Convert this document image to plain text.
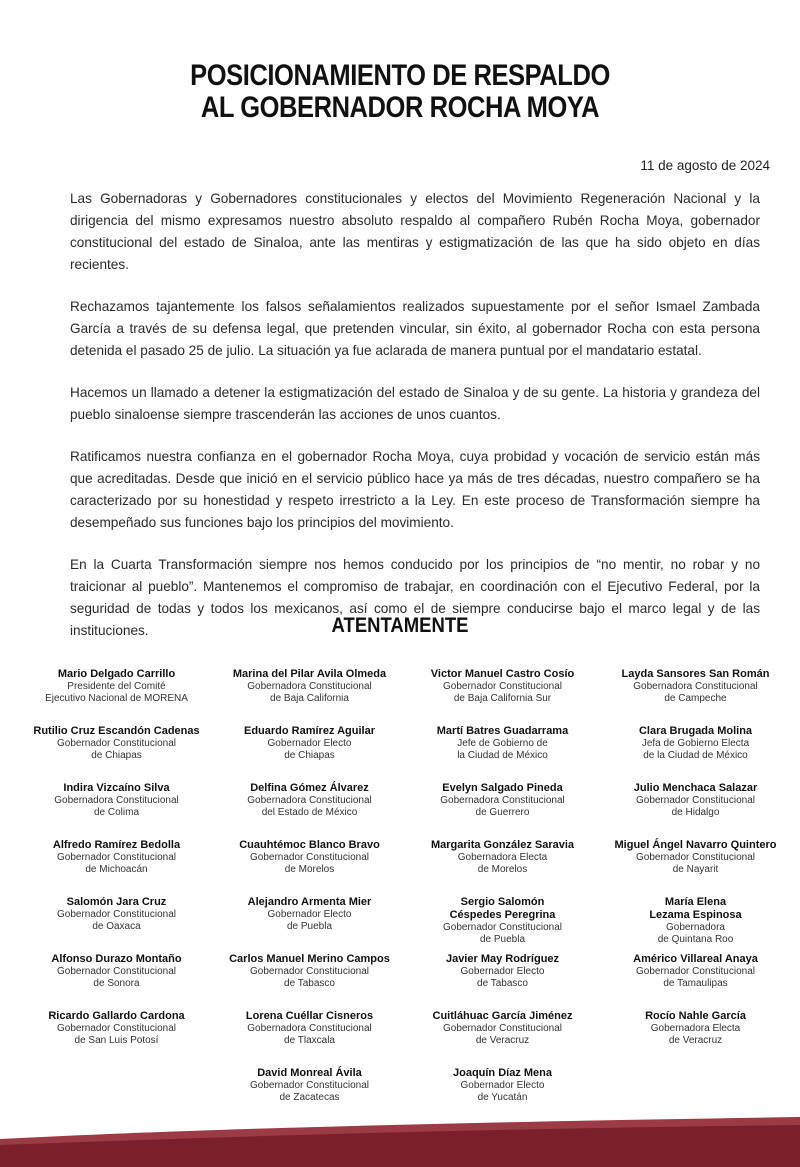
POSICIONAMIENTO DE RESPALDO
AL GOBERNADOR ROCHA MOYA
11 de agosto de 2024

Las Gobernadoras y Gobernadores constitucionales y electos del Movimiento Regeneración Nacional y la dirigencia del mismo expresamos nuestro absoluto respaldo al compañero Rubén Rocha Moya, gobernador constitucional del estado de Sinaloa, ante las mentiras y estigmatización de las que ha sido objeto en días recientes.

Rechazamos tajantemente los falsos señalamientos realizados supuestamente por el señor Ismael Zambada García a través de su defensa legal, que pretenden vincular, sin éxito, al gobernador Rocha con esta persona detenida el pasado 25 de julio. La situación ya fue aclarada de manera puntual por el mandatario estatal.

Hacemos un llamado a detener la estigmatización del estado de Sinaloa y de su gente. La historia y grandeza del pueblo sinaloense siempre trascenderán las acciones de unos cuantos.

Ratificamos nuestra confianza en el gobernador Rocha Moya, cuya probidad y vocación de servicio están más que acreditadas. Desde que inició en el servicio público hace ya más de tres décadas, nuestro compañero se ha caracterizado por su honestidad y respeto irrestricto a la Ley. En este proceso de Transformación siempre ha desempeñado sus funciones bajo los principios del movimiento.

En la Cuarta Transformación siempre nos hemos conducido por los principios de “no mentir, no robar y no traicionar al pueblo”. Mantenemos el compromiso de trabajar, en coordinación con el Ejecutivo Federal, por la seguridad de todas y todos los mexicanos, así como el de siempre conducirse bajo el marco legal y de las instituciones.	ATENTAMENTE
Mario Delgado Carrillo
Presidente del Comité
Ejecutivo Nacional de MORENA
Marina del Pilar Avila Olmeda
Gobernadora Constitucional
de Baja California
Victor Manuel Castro Cosío
Gobernador Constitucional
de Baja California Sur
Layda Sansores San Román
Gobernadora Constitucional
de Campeche
Rutilio Cruz Escandón Cadenas
Gobernador Constitucional
de Chiapas
Eduardo Ramírez Aguilar
Gobernador Electo
de Chiapas
Martí Batres Guadarrama
Jefe de Gobierno de
la Ciudad de México
Clara Brugada Molina
Jefa de Gobierno Electa
de la Ciudad de México
Indira Vizcaíno Silva
Gobernadora Constitucional
de Colima
Delfina Gómez Álvarez
Gobernadora Constitucional
del Estado de México
Evelyn Salgado Pineda
Gobernadora Constitucional
de Guerrero
Julio Menchaca Salazar
Gobernador Constitucional
de Hidalgo
Alfredo Ramírez Bedolla
Gobernador Constitucional
de Michoacán
Cuauhtémoc Blanco Bravo
Gobernador Constitucional
de Morelos
Margarita González Saravia
Gobernadora Electa
de Morelos
Miguel Ángel Navarro Quintero
Gobernador Constitucional
de Nayarit
Salomón Jara Cruz
Gobernador Constitucional
de Oaxaca
Alejandro Armenta Mier
Gobernador Electo
de Puebla
Sergio Salomón
Céspedes Peregrina
Gobernador Constitucional
de Puebla
María Elena
Lezama Espinosa
Gobernadora
de Quintana Roo
Alfonso Durazo Montaño
Gobernador Constitucional
de Sonora
Carlos Manuel Merino Campos
Gobernador Constitucional
de Tabasco
Javier May Rodríguez
Gobernador Electo
de Tabasco
Américo Villareal Anaya
Gobernador Constitucional
de Tamaulipas
Ricardo Gallardo Cardona
Gobernador Constitucional
de San Luis Potosí
Lorena Cuéllar Cisneros
Gobernadora Constitucional
de Tlaxcala
Cuitláhuac García Jiménez
Gobernador Constitucional
de Veracruz
Rocío Nahle García
Gobernadora Electa
de Veracruz
David Monreal Ávila
Gobernador Constitucional
de Zacatecas
Joaquín Díaz Mena
Gobernador Electo
de Yucatán
